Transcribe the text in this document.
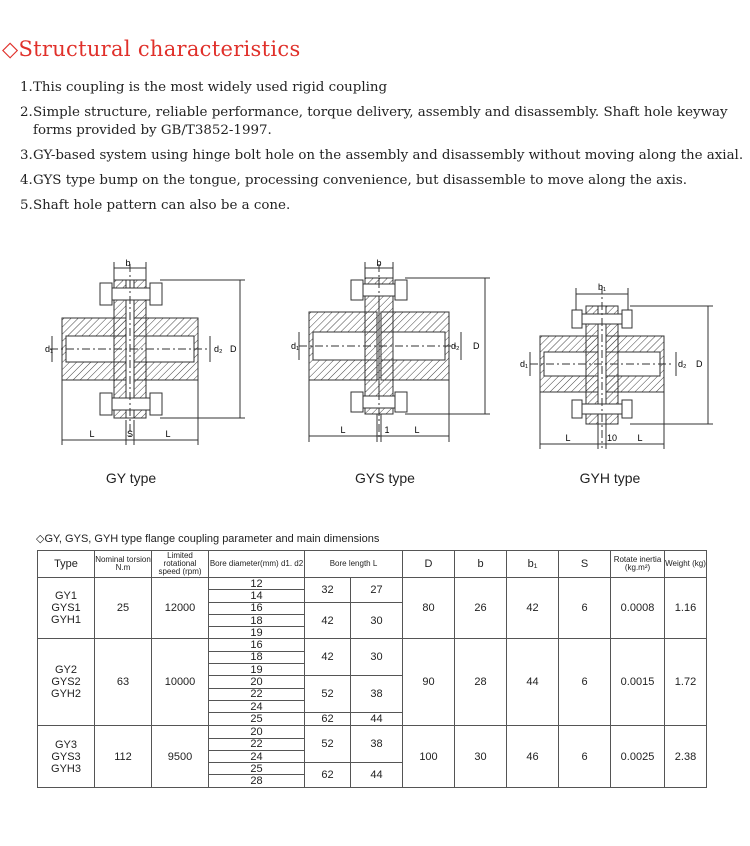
◇Structural characteristics
1. This coupling is the most widely used rigid coupling
2. Simple structure, reliable performance, torque delivery, assembly and disassembly. Shaft hole keyway forms provided by GB/T3852-1997.
3. GY-based system using hinge bolt hole on the assembly and disassembly without moving along the axial.
4. GYS type bump on the tongue, processing convenience, but disassemble to move along the axis.
5. Shaft hole pattern can also be a cone.
b
L	S	L
d₁	d₂ D
GY type
b
L	1	L
d₁	d₂ D
GYS type
b₁
L	10 L
d₁	d₂ D
GYH type
◇GY, GYS, GYH type flange coupling parameter and main dimensions
Type	Nominal torsion N.m	Limited rotational speed (rpm)	Bore diameter(mm) d1. d2	Bore length L		D	b	b₁	S	Rotate inertia (kg.m²)	Weight (kg)

GY1
GYS1
GYH1	25	12000	12	32	27	80	26	42	6	0.0008	1.16
			14								
			16	42	30						
			18								
			19								

GY2
GYS2
GYH2	63	10000	16	42	30	90	28	44	6	0.0015	1.72
			18								
			19								
			20	52	38						
			22								
			24								
			25	62	44						

GY3
GYS3
GYH3	112	9500	20	52	38	100	30	46	6	0.0025	2.38
			22								
			24								
			25	62	44						
			28								
